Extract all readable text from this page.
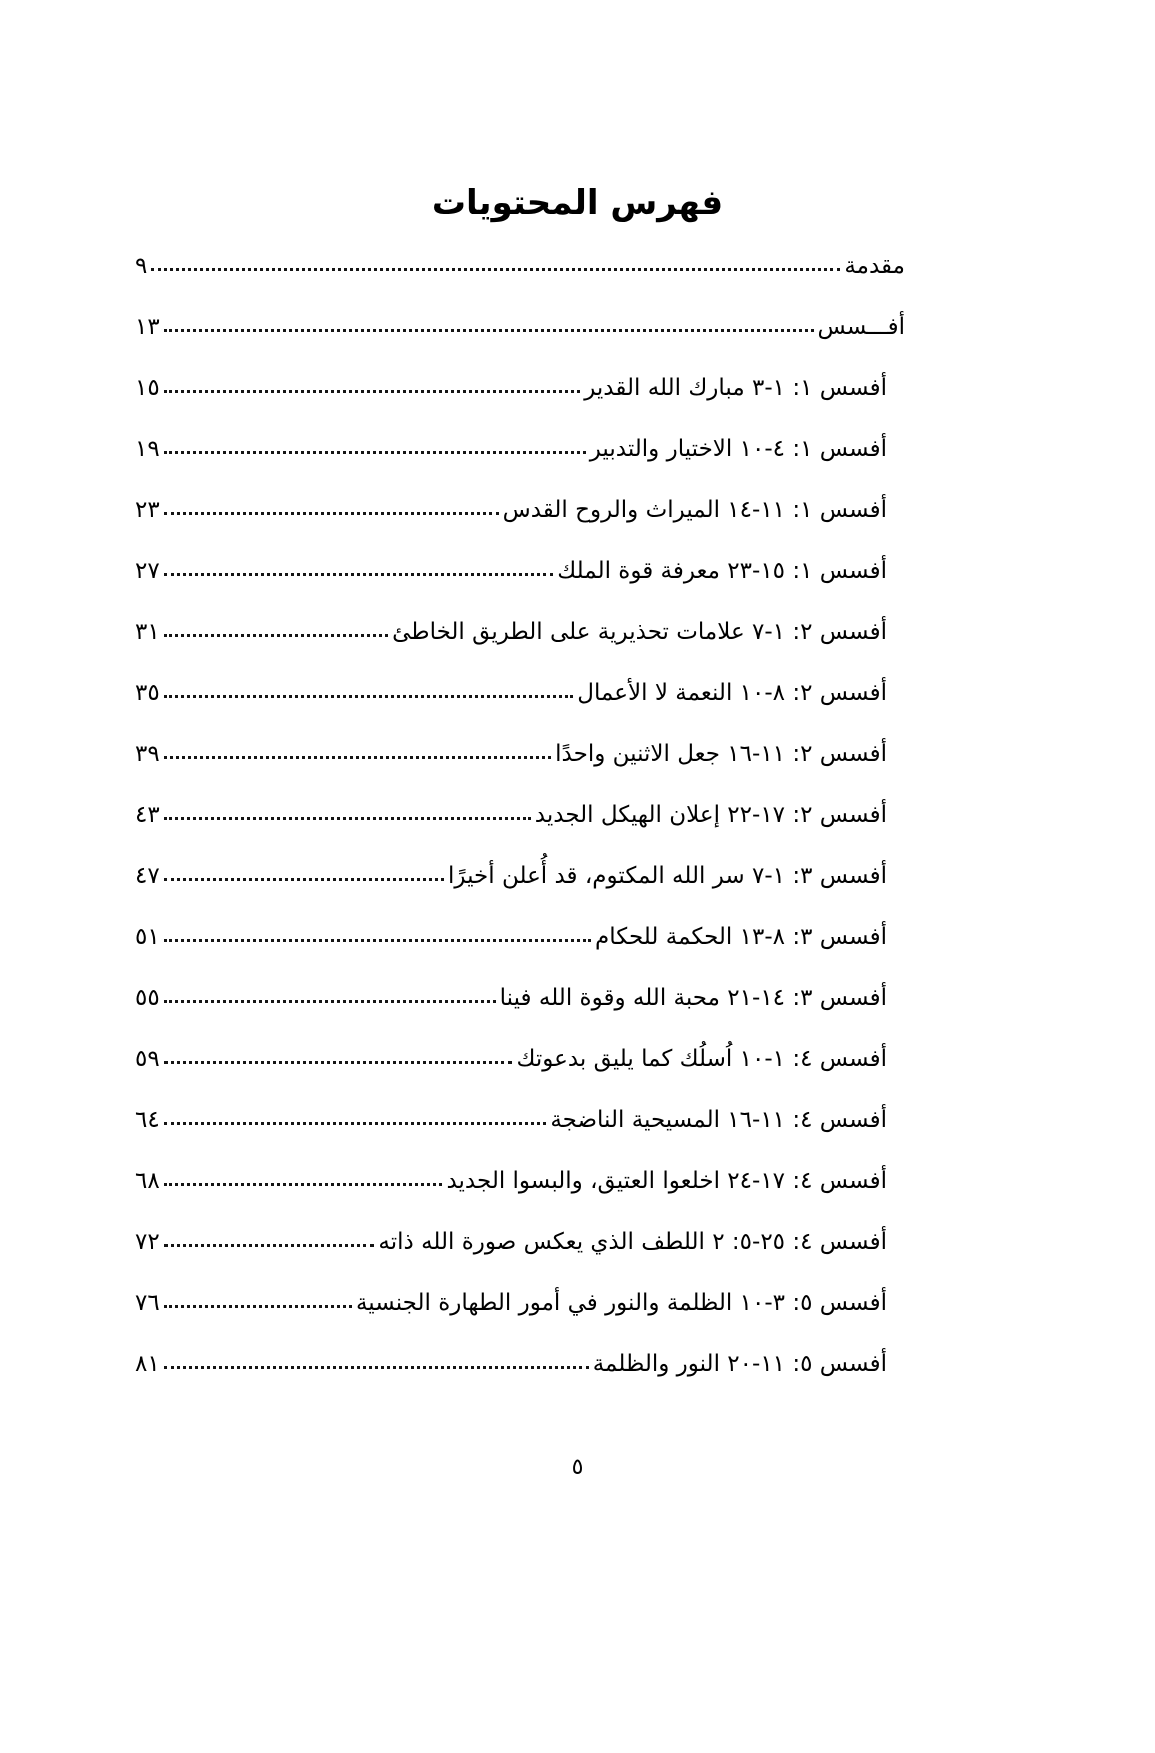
فهرس المحتويات
مقدمة
٩
أفـــسس
١٣
أفسس ١: ١-٣ مبارك الله القدير
١٥
أفسس ١: ٤-١٠ الاختيار والتدبير
١٩
أفسس ١: ١١-١٤ الميراث والروح القدس
٢٣
أفسس ١: ١٥-٢٣ معرفة قوة الملك
٢٧
أفسس ٢: ١-٧ علامات تحذيرية على الطريق الخاطئ
٣١
أفسس ٢: ٨-١٠ النعمة لا الأعمال
٣٥
أفسس ٢: ١١-١٦ جعل الاثنين واحدًا
٣٩
أفسس ٢: ١٧-٢٢ إعلان الهيكل الجديد
٤٣
أفسس ٣: ١-٧ سر الله المكتوم، قد أُعلن أخيرًا
٤٧
أفسس ٣: ٨-١٣ الحكمة للحكام
٥١
أفسس ٣: ١٤-٢١ محبة الله وقوة الله فينا
٥٥
أفسس ٤: ١-١٠ اُسلُك كما يليق بدعوتك
٥٩
أفسس ٤: ١١-١٦ المسيحية الناضجة
٦٤
أفسس ٤: ١٧-٢٤ اخلعوا العتيق، والبسوا الجديد
٦٨
أفسس ٤: ٢٥-٥: ٢ اللطف الذي يعكس صورة الله ذاته
٧٢
أفسس ٥: ٣-١٠ الظلمة والنور في أمور الطهارة الجنسية
٧٦
أفسس ٥: ١١-٢٠ النور والظلمة
٨١
٥
